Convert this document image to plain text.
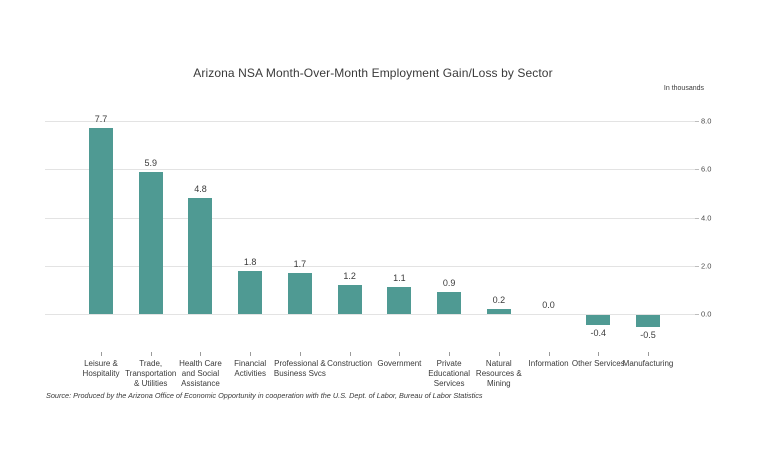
Arizona NSA Month-Over-Month Employment Gain/Loss by Sector
In thousands
7.7
5.9
4.8
1.8	1.7
1.2	1.1	0.9
0.2	0.0
-0.4	-0.5
Leisure &
Hospitality
Trade,
Transportation
& Utilities
Health Care
and Social
Assistance
Financial
Activities
Professional &
Business Svcs
Construction Government	Private
Educational
Services
Natural
Resources &
Mining
Information Other Services
Manufacturing
Source: Produced by the Arizona Office of Economic Opportunity in cooperation with the U.S. Dept. of Labor, Bureau of Labor Statistics
8.0
6.0
4.0
2.0
0.0
